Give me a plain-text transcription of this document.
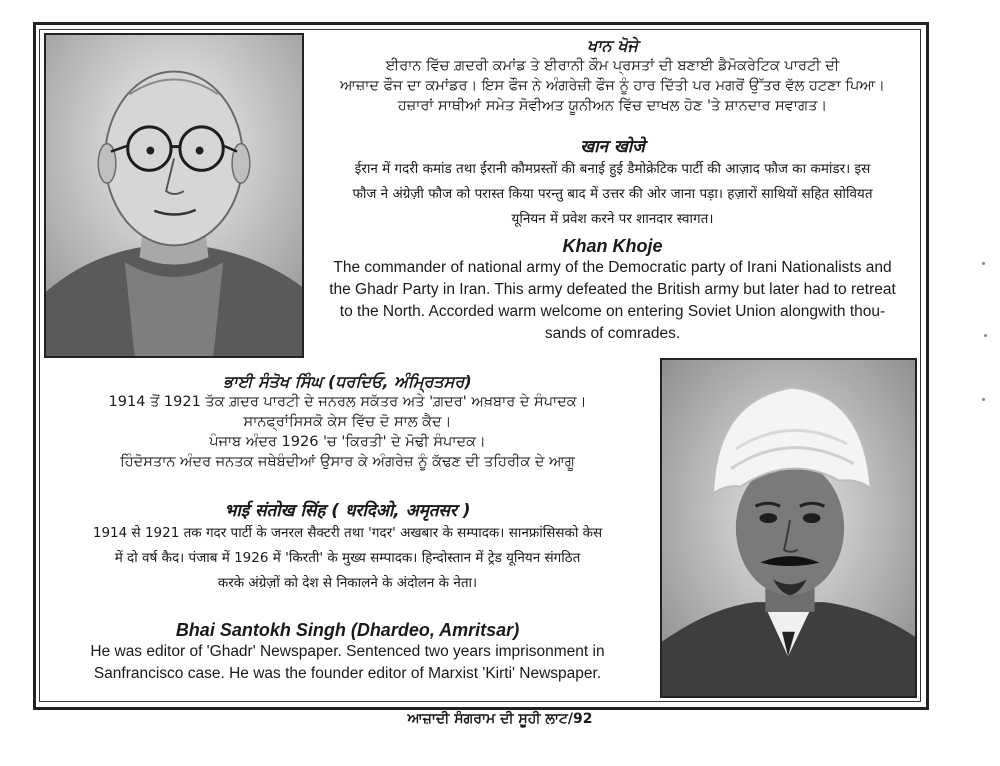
ਖਾਨ ਖੋਜੇ
ਈਰਾਨ ਵਿੱਚ ਗ਼ਦਰੀ ਕਮਾਂਡ ਤੇ ਈਰਾਨੀ ਕੌਮ ਪ੍ਰਸਤਾਂ ਦੀ ਬਣਾਈ ਡੈਮੋਕਰੇਟਿਕ ਪਾਰਟੀ ਦੀ
ਆਜ਼ਾਦ ਫੌਜ ਦਾ ਕਮਾਂਡਰ। ਇਸ ਫੌਜ ਨੇ ਅੰਗਰੇਜ਼ੀ ਫੌਜ ਨੂੰ ਹਾਰ ਦਿੱਤੀ ਪਰ ਮਗਰੋਂ ਉੱਤਰ ਵੱਲ ਹਟਣਾ ਪਿਆ।
ਹਜ਼ਾਰਾਂ ਸਾਥੀਆਂ ਸਮੇਤ ਸੋਵੀਅਤ ਯੂਨੀਅਨ ਵਿੱਚ ਦਾਖਲ ਹੋਣ 'ਤੇ ਸ਼ਾਨਦਾਰ ਸਵਾਗਤ।
खान खोजे
ईरान में गदरी कमांड तथा ईरानी कौमप्रस्तों की बनाई हुई डैमोक्रेटिक पार्टी की आज़ाद फौज का कमांडर। इस
फौज ने अंग्रेज़ी फौज को परास्त किया परन्तु बाद में उत्तर की ओर जाना पड़ा। हज़ारों साथियों सहित सोवियत
यूनियन में प्रवेश करने पर शानदार स्वागत।
Khan Khoje
The commander of national army of the Democratic party of Irani Nationalists and
the Ghadr Party in Iran. This army defeated the British army but later had to retreat
to the North. Accorded warm welcome on entering Soviet Union alongwith thou-
sands of comrades.
ਭਾਈ ਸੰਤੋਖ ਸਿੰਘ (ਧਰਦਿਓ, ਅੰਮ੍ਰਿਤਸਰ)
1914 ਤੋਂ 1921 ਤੱਕ ਗ਼ਦਰ ਪਾਰਟੀ ਦੇ ਜਨਰਲ ਸਕੱਤਰ ਅਤੇ 'ਗ਼ਦਰ' ਅਖ਼ਬਾਰ ਦੇ ਸੰਪਾਦਕ।
ਸਾਨਫ੍ਰਾਂਸਿਸਕੋ ਕੇਸ ਵਿੱਚ ਦੋ ਸਾਲ ਕੈਦ।
ਪੰਜਾਬ ਅੰਦਰ 1926 'ਚ 'ਕਿਰਤੀ' ਦੇ ਮੋਢੀ ਸੰਪਾਦਕ।
ਹਿੰਦੋਸਤਾਨ ਅੰਦਰ ਜਨਤਕ ਜਥੇਬੰਦੀਆਂ ਉਸਾਰ ਕੇ ਅੰਗਰੇਜ਼ ਨੂੰ ਕੱਢਣ ਦੀ ਤਹਿਰੀਕ ਦੇ ਆਗੂ
भाई संतोख सिंह ( धरदिओ, अमृतसर )
1914 से 1921 तक गदर पार्टी के जनरल सैक्टरी तथा 'गदर' अखबार के सम्पादक। सानफ्रांसिसको केस
में दो वर्ष कैद। पंजाब में 1926 में 'किरती' के मुख्य सम्पादक। हिन्दोस्तान में ट्रेड यूनियन संगठित
करके अंग्रेज़ों को देश से निकालने के अंदोलन के नेता।
Bhai Santokh Singh (Dhardeo, Amritsar)
He was editor of 'Ghadr' Newspaper. Sentenced two years imprisonment in
Sanfrancisco case. He was the founder editor of Marxist 'Kirti' Newspaper.
ਆਜ਼ਾਦੀ ਸੰਗਰਾਮ ਦੀ ਸੂਹੀ ਲਾਟ/92
